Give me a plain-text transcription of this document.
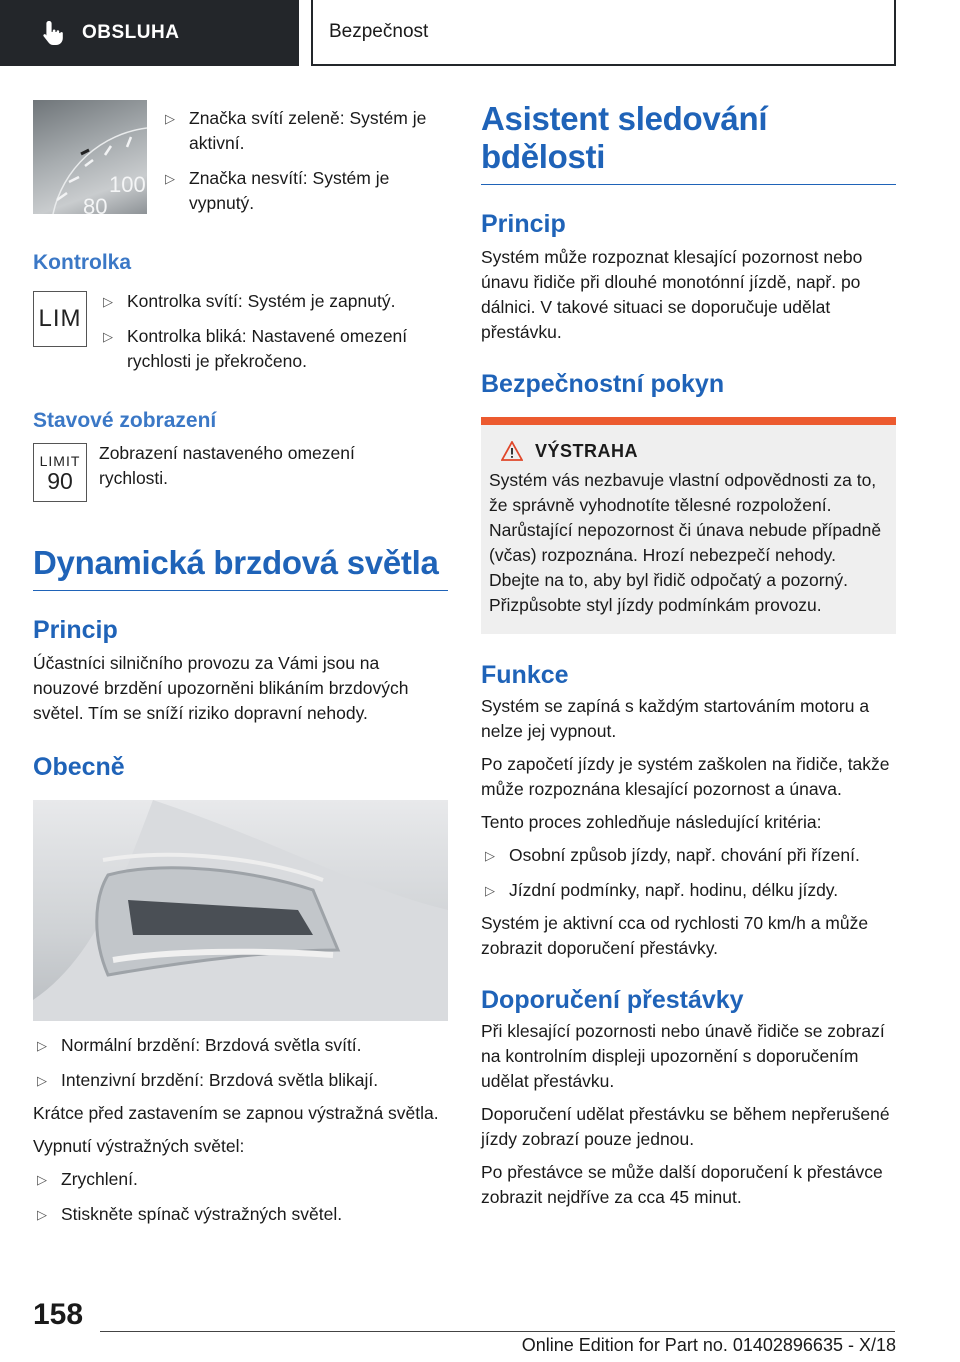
OBSLUHA	Bezpečnost
100
80
▷ Značka svítí zeleně: Systém je aktivní.
▷ Značka nesvítí: Systém je vypnutý.
Kontrolka
LIM
▷ Kontrolka svítí: Systém je zapnutý.
▷ Kontrolka bliká: Nastavené omezení rychlosti je překročeno.
Stavové zobrazení
LIMIT
90

Zobrazení nastaveného omezení rychlosti.

Dynamická brzdová světla
Princip

Účastníci silničního provozu za Vámi jsou na nouzové brzdění upozorněni blikáním brzdových světel. Tím se sníží riziko dopravní nehody.

Obecně
▷ Normální brzdění: Brzdová světla svítí.
▷ Intenzivní brzdění: Brzdová světla blikají.

Krátce před zastavením se zapnou výstražná světla.

Vypnutí výstražných světel:

▷ Zrychlení.
▷ Stiskněte spínač výstražných světel.
Asistent sledování bdělosti
Princip

Systém může rozpoznat klesající pozornost nebo únavu řidiče při dlouhé monotónní jízdě, např. po dálnici. V takové situaci se doporučuje udělat přestávku.

Bezpečnostní pokyn
VÝSTRAHA

Systém vás nezbavuje vlastní odpovědnosti za to, že správně vyhodnotíte tělesné rozpoložení. Narůstající nepozornost či únava nebude případně (včas) rozpoznána. Hrozí nebezpečí nehody. Dbejte na to, aby byl řidič odpočatý a pozorný. Přizpůsobte styl jízdy podmínkám provozu.

Funkce

Systém se zapíná s každým startováním motoru a nelze jej vypnout.

Po započetí jízdy je systém zaškolen na řidiče, takže může rozpoznána klesající pozornost a únava.

Tento proces zohledňuje následující kritéria:

▷ Osobní způsob jízdy, např. chování při řízení.
▷ Jízdní podmínky, např. hodinu, délku jízdy.

Systém je aktivní cca od rychlosti 70 km/h a může zobrazit doporučení přestávky.

Doporučení přestávky

Při klesající pozornosti nebo únavě řidiče se zobrazí na kontrolním displeji upozornění s doporučením udělat přestávku.

Doporučení udělat přestávku se během nepřerušené jízdy zobrazí pouze jednou.

Po přestávce se může další doporučení k přestávce zobrazit nejdříve za cca 45 minut.

158
Online Edition for Part no. 01402896635 - X/18
